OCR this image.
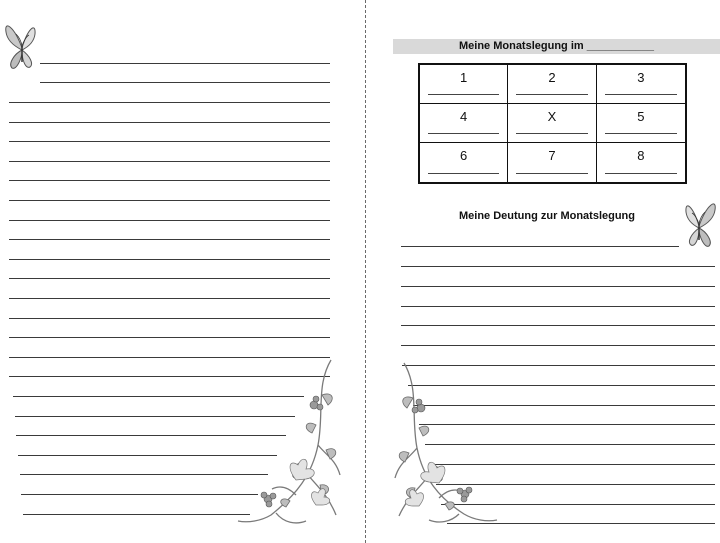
Meine Monatslegung im ___________
1	2	3
4	X	5
6	7	8
Meine Deutung zur Monatslegung
